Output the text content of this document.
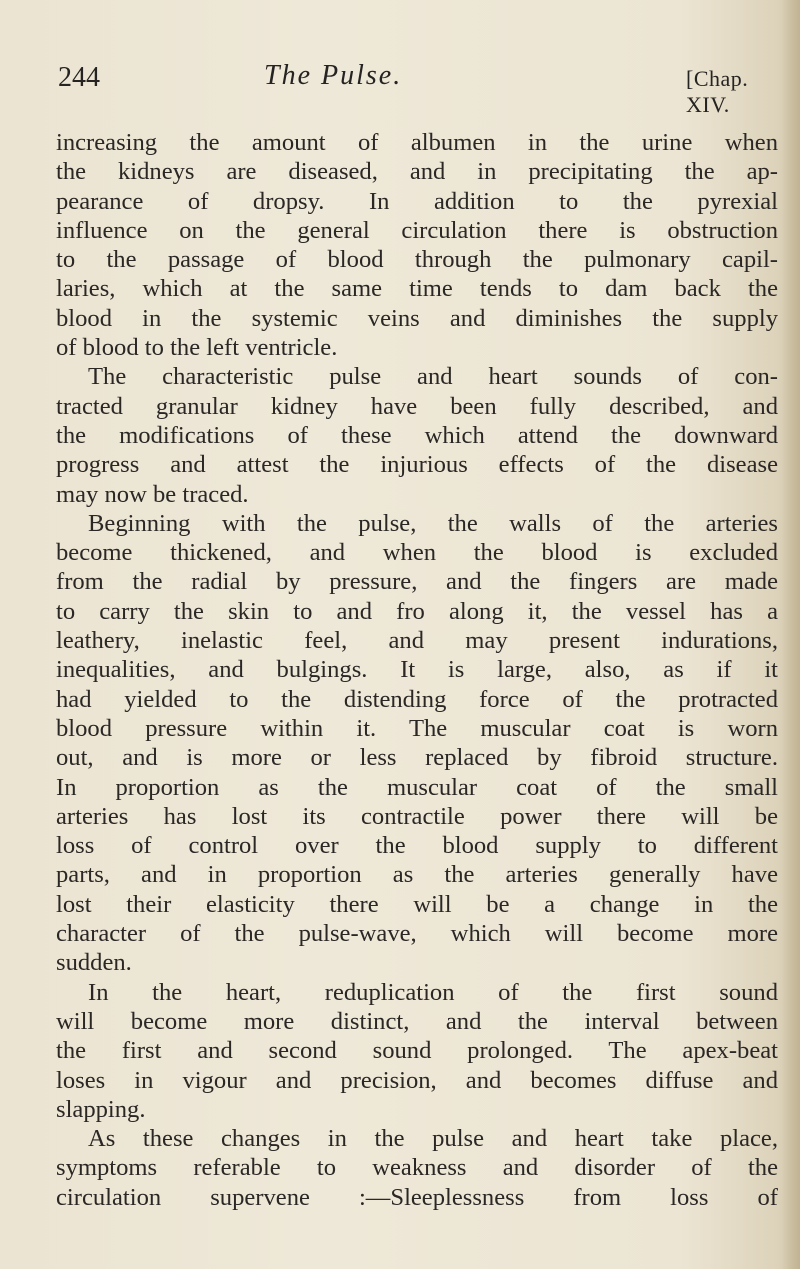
244	The Pulse.	[Chap. XIV.
increasing the amount of albumen in the urine when
the kidneys are diseased, and in precipitating the ap-
pearance of dropsy. In addition to the pyrexial
influence on the general circulation there is obstruction
to the passage of blood through the pulmonary capil-
laries, which at the same time tends to dam back the
blood in the systemic veins and diminishes the supply
of blood to the left ventricle.
The characteristic pulse and heart sounds of con-
tracted granular kidney have been fully described, and
the modifications of these which attend the downward
progress and attest the injurious effects of the disease
may now be traced.
Beginning with the pulse, the walls of the arteries
become thickened, and when the blood is excluded
from the radial by pressure, and the fingers are made
to carry the skin to and fro along it, the vessel has a
leathery, inelastic feel, and may present indurations,
inequalities, and bulgings. It is large, also, as if it
had yielded to the distending force of the protracted
blood pressure within it. The muscular coat is worn
out, and is more or less replaced by fibroid structure.
In proportion as the muscular coat of the small
arteries has lost its contractile power there will be
loss of control over the blood supply to different
parts, and in proportion as the arteries generally have
lost their elasticity there will be a change in the
character of the pulse-wave, which will become more
sudden.
In the heart, reduplication of the first sound
will become more distinct, and the interval between
the first and second sound prolonged. The apex-beat
loses in vigour and precision, and becomes diffuse and
slapping.
As these changes in the pulse and heart take place,
symptoms referable to weakness and disorder of the
circulation supervene :—Sleeplessness from loss of
